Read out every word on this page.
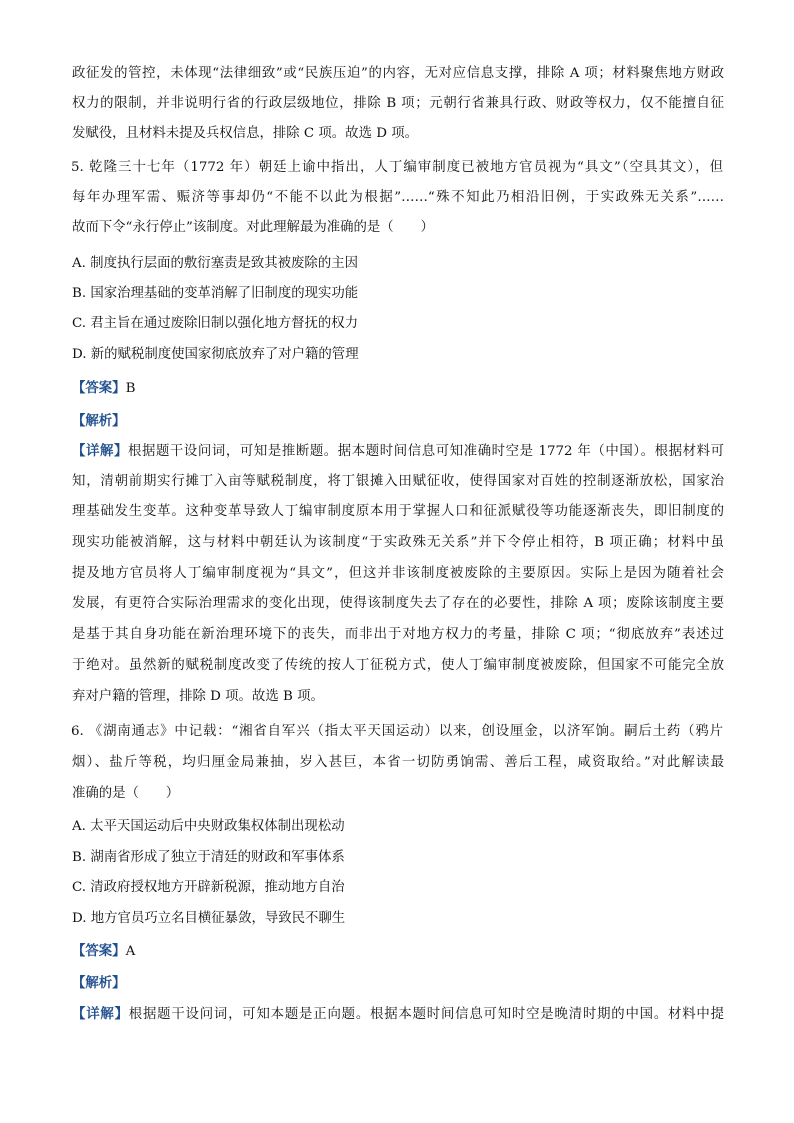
政征发的管控，未体现“法律细致”或“民族压迫”的内容，无对应信息支撑，排除 A 项；材料聚焦地方财政
权力的限制，并非说明行省的行政层级地位，排除 B 项；元朝行省兼具行政、财政等权力，仅不能擅自征
发赋役，且材料未提及兵权信息，排除 C 项。故选 D 项。
5. 乾隆三十七年（1772 年）朝廷上谕中指出，人丁编审制度已被地方官员视为“具文”（空具其文），但
每年办理军需、赈济等事却仍“不能不以此为根据”……“殊不知此乃相沿旧例，于实政殊无关系”……
故而下令“永行停止”该制度。对此理解最为准确的是（　　）
A. 制度执行层面的敷衍塞责是致其被废除的主因
B. 国家治理基础的变革消解了旧制度的现实功能
C. 君主旨在通过废除旧制以强化地方督抚的权力
D. 新的赋税制度使国家彻底放弃了对户籍的管理
【答案】B
【解析】
【详解】根据题干设问词，可知是推断题。据本题时间信息可知准确时空是 1772 年（中国）。根据材料可
知，清朝前期实行摊丁入亩等赋税制度，将丁银摊入田赋征收，使得国家对百姓的控制逐渐放松，国家治
理基础发生变革。这种变革导致人丁编审制度原本用于掌握人口和征派赋役等功能逐渐丧失，即旧制度的
现实功能被消解，这与材料中朝廷认为该制度“于实政殊无关系”并下令停止相符，B 项正确；材料中虽
提及地方官员将人丁编审制度视为“具文”，但这并非该制度被废除的主要原因。实际上是因为随着社会
发展，有更符合实际治理需求的变化出现，使得该制度失去了存在的必要性，排除 A 项；废除该制度主要
是基于其自身功能在新治理环境下的丧失，而非出于对地方权力的考量，排除 C 项；“彻底放弃”表述过
于绝对。虽然新的赋税制度改变了传统的按人丁征税方式，使人丁编审制度被废除，但国家不可能完全放
弃对户籍的管理，排除 D 项。故选 B 项。
6. 《湖南通志》中记载：“湘省自军兴（指太平天国运动）以来，创设厘金，以济军饷。嗣后土药（鸦片
烟）、盐斤等税，均归厘金局兼抽，岁入甚巨，本省一切防勇饷需、善后工程，咸资取给。”对此解读最
准确的是（　　）
A. 太平天国运动后中央财政集权体制出现松动
B. 湖南省形成了独立于清廷的财政和军事体系
C. 清政府授权地方开辟新税源，推动地方自治
D. 地方官员巧立名目横征暴敛，导致民不聊生
【答案】A
【解析】
【详解】根据题干设问词，可知本题是正向题。根据本题时间信息可知时空是晚清时期的中国。材料中提
